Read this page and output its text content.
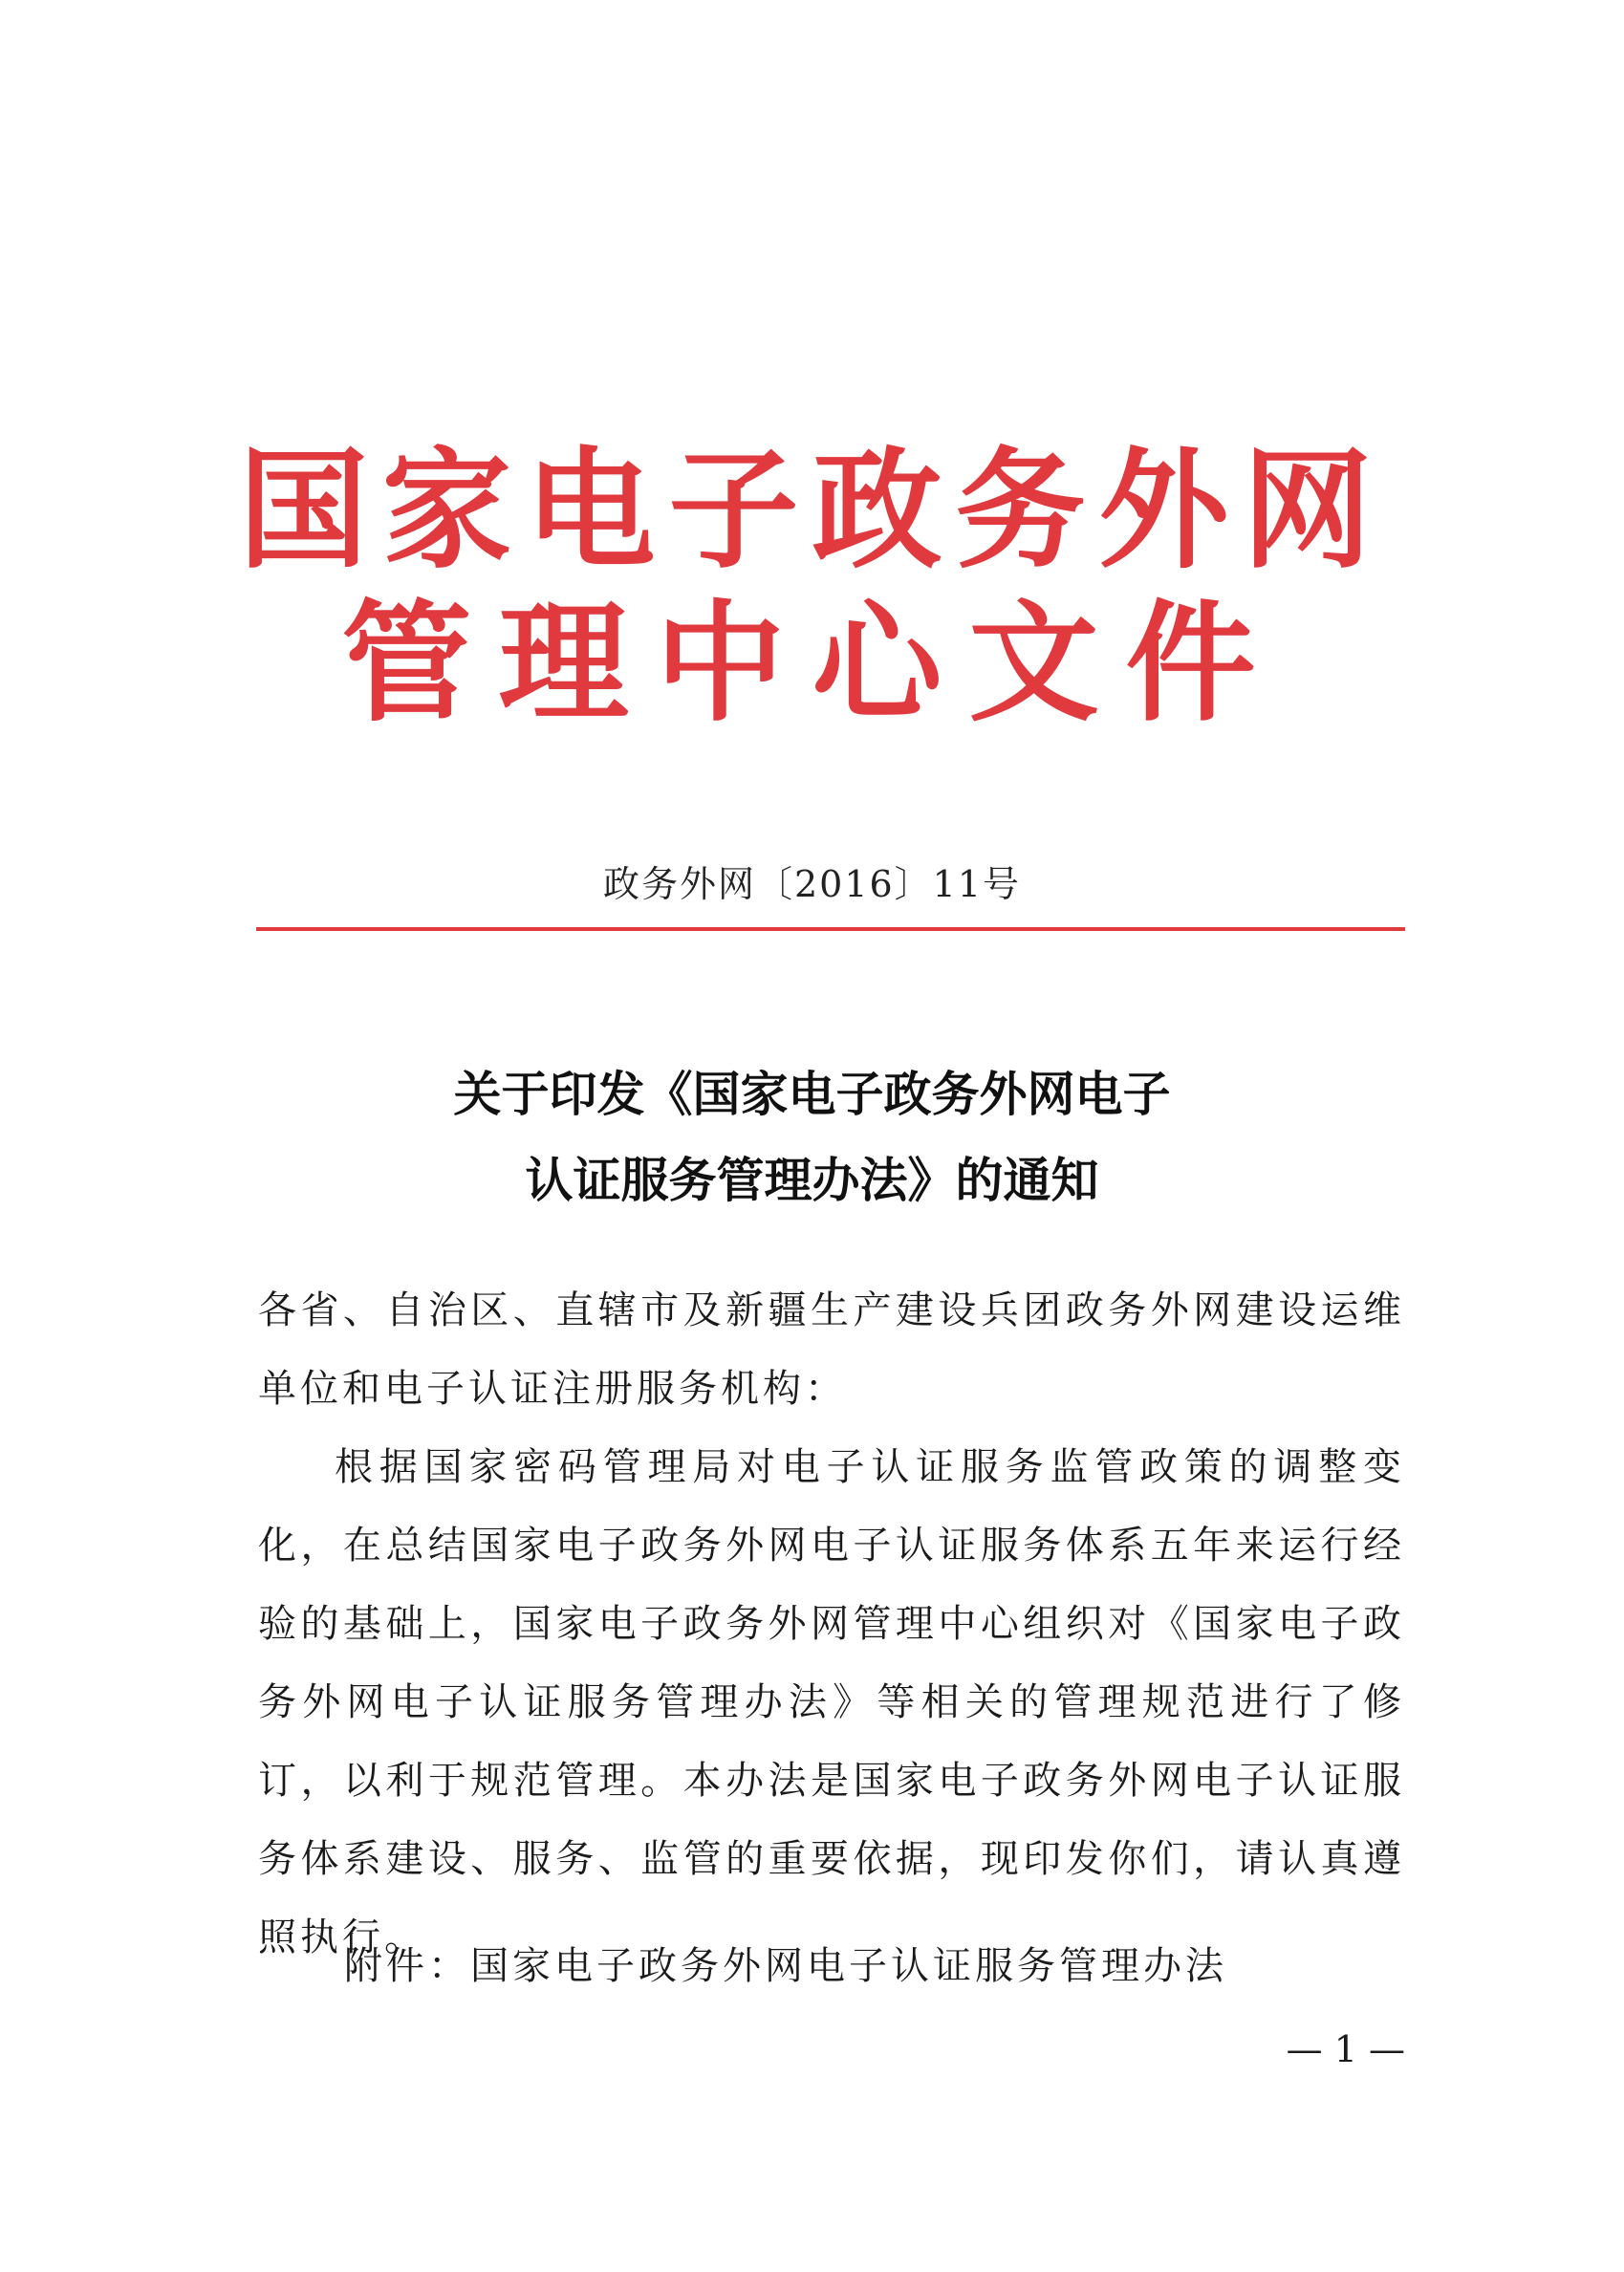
国家电子政务外网
管理中心文件
政务外网〔2016〕11号
关于印发《国家电子政务外网电子
认证服务管理办法》的通知
各省、自治区、直辖市及新疆生产建设兵团政务外网建设运维单位和电子认证注册服务机构：
根据国家密码管理局对电子认证服务监管政策的调整变化，在总结国家电子政务外网电子认证服务体系五年来运行经验的基础上，国家电子政务外网管理中心组织对《国家电子政务外网电子认证服务管理办法》等相关的管理规范进行了修订，以利于规范管理。本办法是国家电子政务外网电子认证服务体系建设、服务、监管的重要依据，现印发你们，请认真遵照执行。
附件：国家电子政务外网电子认证服务管理办法
— 1 —
